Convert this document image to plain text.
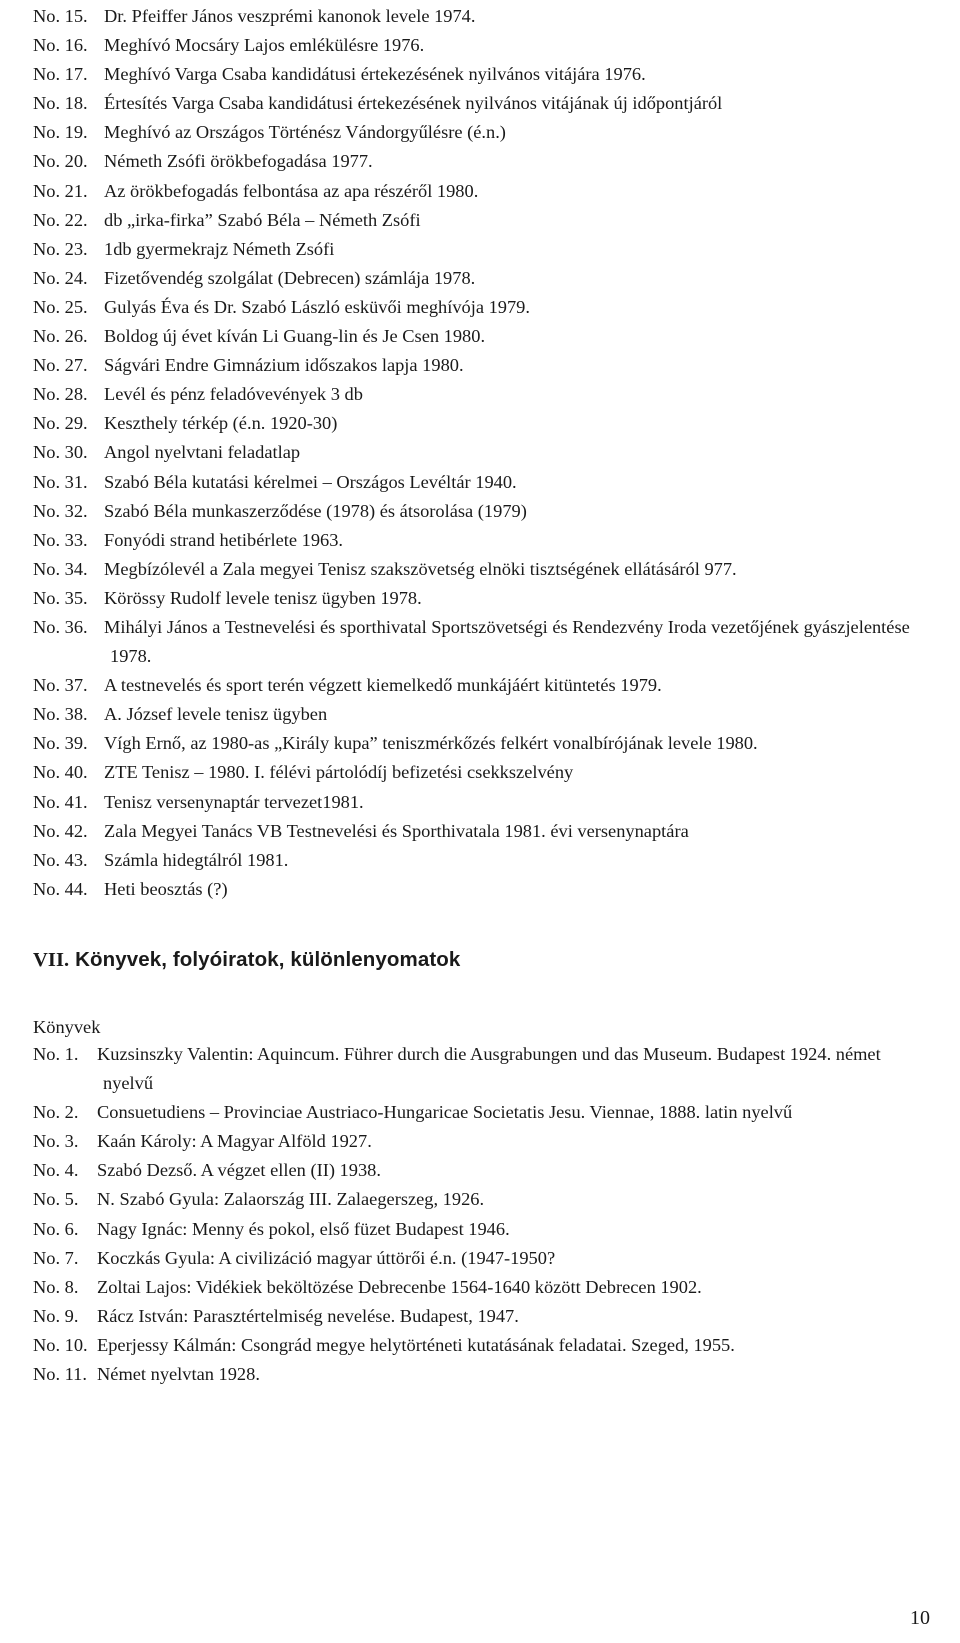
No. 15. Dr. Pfeiffer János veszprémi kanonok levele 1974.
No. 16. Meghívó Mocsáry Lajos emlékülésre 1976.
No. 17. Meghívó Varga Csaba kandidátusi értekezésének nyilvános vitájára 1976.
No. 18. Értesítés Varga Csaba kandidátusi értekezésének nyilvános vitájának új időpontjáról
No. 19. Meghívó az Országos Történész Vándorgyűlésre (é.n.)
No. 20. Németh Zsófi örökbefogadása 1977.
No. 21. Az örökbefogadás felbontása az apa részéről 1980.
No. 22. db „irka-firka” Szabó Béla – Németh Zsófi
No. 23. 1db gyermekrajz Németh Zsófi
No. 24. Fizetővendég szolgálat (Debrecen) számlája 1978.
No. 25. Gulyás Éva és Dr. Szabó László esküvői meghívója 1979.
No. 26. Boldog új évet kíván Li Guang-lin és Je Csen 1980.
No. 27. Ságvári Endre Gimnázium időszakos lapja 1980.
No. 28. Levél és pénz feladóvevények 3 db
No. 29. Keszthely térkép (é.n. 1920-30)
No. 30. Angol nyelvtani feladatlap
No. 31. Szabó Béla kutatási kérelmei – Országos Levéltár 1940.
No. 32. Szabó Béla munkaszerződése (1978) és átsorolása (1979)
No. 33. Fonyódi strand hetibérlete 1963.
No. 34. Megbízólevél a Zala megyei Tenisz szakszövetség elnöki tisztségének ellátásáról 977.
No. 35. Körössy Rudolf levele tenisz ügyben 1978.
No. 36. Mihályi János a Testnevelési és sporthivatal Sportszövetségi és Rendezvény Iroda vezetőjének gyászjelentése 1978.
No. 37. A testnevelés és sport terén végzett kiemelkedő munkájáért kitüntetés 1979.
No. 38. A. József levele tenisz ügyben
No. 39. Vígh Ernő, az 1980-as „Király kupa” teniszmérkőzés felkért vonalbírójának levele 1980.
No. 40. ZTE Tenisz – 1980. I. félévi pártolódíj befizetési csekkszelvény
No. 41. Tenisz versenynaptár tervezet1981.
No. 42. Zala Megyei Tanács VB Testnevelési és Sporthivatala 1981. évi versenynaptára
No. 43. Számla hidegtálról 1981.
No. 44. Heti beosztás (?)
VII. Könyvek, folyóiratok, különlenyomatok
Könyvek
No. 1. Kuzsinszky Valentin: Aquincum. Führer durch die Ausgrabungen und das Museum. Budapest 1924. német nyelvű
No. 2. Consuetudiens – Provinciae Austriaco-Hungaricae Societatis Jesu. Viennae, 1888. latin nyelvű
No. 3. Kaán Károly: A Magyar Alföld 1927.
No. 4. Szabó Dezső. A végzet ellen (II) 1938.
No. 5. N. Szabó Gyula: Zalaország III. Zalaegerszeg, 1926.
No. 6. Nagy Ignác: Menny és pokol, első füzet Budapest 1946.
No. 7. Koczkás Gyula: A civilizáció magyar úttörői é.n. (1947-1950?
No. 8. Zoltai Lajos: Vidékiek beköltözése Debrecenbe 1564-1640 között Debrecen 1902.
No. 9. Rácz István: Parasztértelmiség nevelése. Budapest, 1947.
No. 10. Eperjessy Kálmán: Csongrád megye helytörténeti kutatásának feladatai. Szeged, 1955.
No. 11. Német nyelvtan 1928.
10
